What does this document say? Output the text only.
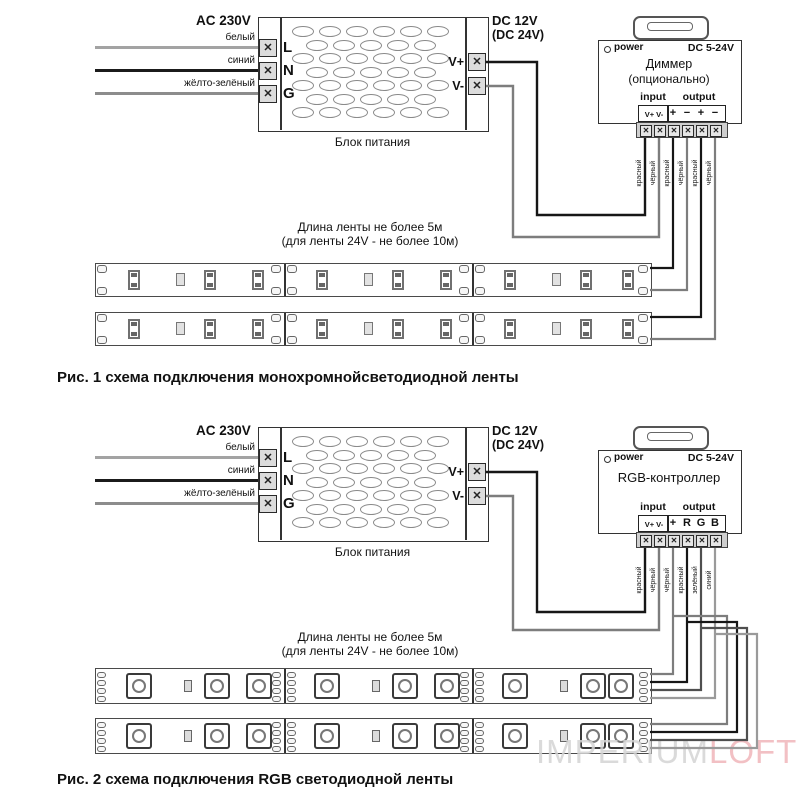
AC 230V
белый
синий
жёлто-зелёный
✕
✕
✕
L
N
G
V+
V-
✕
✕
Блок питания
DC 12V
(DC 24V)
power	DC 5-24V
Диммер
(опционально)
input	output
V+ V- + − + −
✕
✕
✕
✕
✕
✕
красный чёрный красный чёрный красный чёрный
Длина ленты не более 5м
(для ленты 24V - не более 10м)
Рис. 1 схема подключения монохромнойсветодиодной ленты
AC 230V
белый
синий
жёлто-зелёный
✕
✕
✕
L
N
G
V+
V-
✕
✕
Блок питания
DC 12V
(DC 24V)
power	DC 5-24V
RGB-контроллер
input	output
V+ V- + R G B
✕
✕
✕
✕
✕
✕
красный чёрный чёрный красный зелёный синий
Длина ленты не более 5м
(для ленты 24V - не более 10м)
Рис. 2 схема подключения RGB светодиодной ленты
IMPERIUMLOFT
